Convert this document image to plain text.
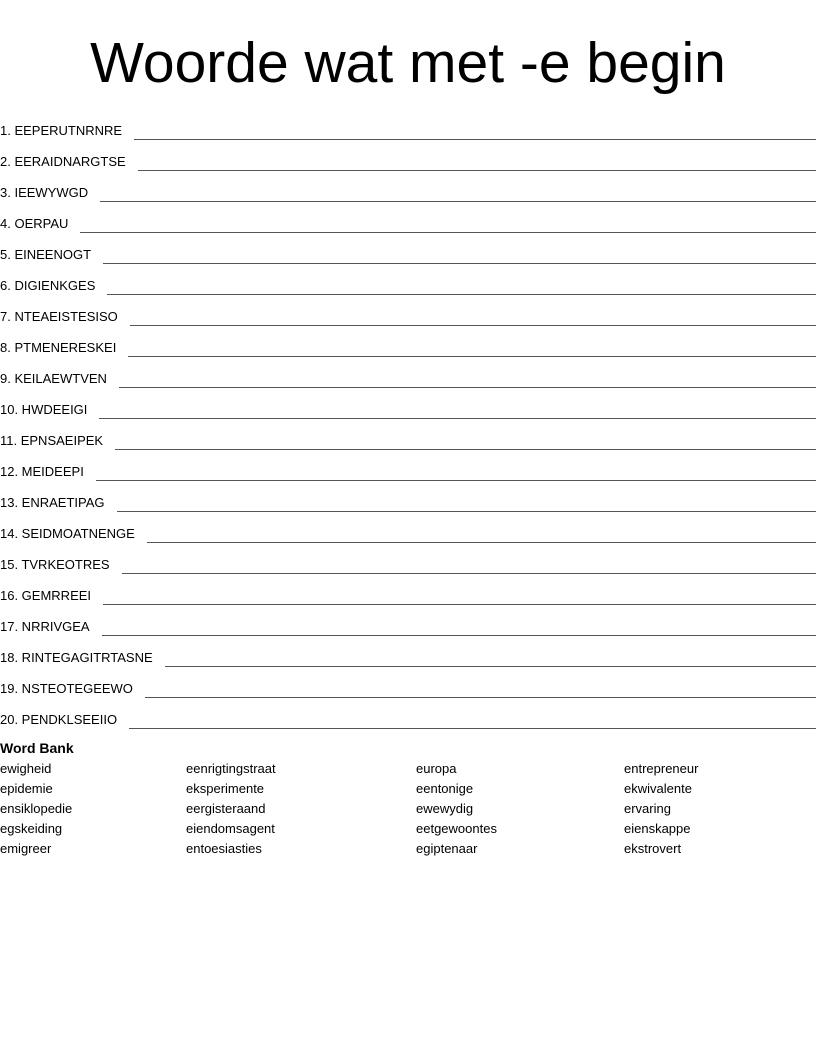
Woorde wat met -e begin
1. EEPERUTNRNRE
2. EERAIDNARGTSE
3. IEEWYWGD
4. OERPAU
5. EINEENOGT
6. DIGIENKGES
7. NTEAEISTESISO
8. PTMENERESKEI
9. KEILAEWTVEN
10. HWDEEIGI
11. EPNSAEIPEK
12. MEIDEEPI
13. ENRAETIPAG
14. SEIDMOATNENGE
15. TVRKEOTRES
16. GEMRREEI
17. NRRIVGEA
18. RINTEGAGITRTASNE
19. NSTEOTEGEEWO
20. PENDKLSEEIIO
Word Bank
ewigheid
epidemie
ensiklopedie
egskeiding
emigreer
eenrigtingstraat
eksperimente
eergisteraand
eiendomsagent
entoesiasties
europa
eentonige
ewewydig
eetgewoontes
egiptenaar
entrepreneur
ekwivalente
ervaring
eienskappe
ekstrovert
